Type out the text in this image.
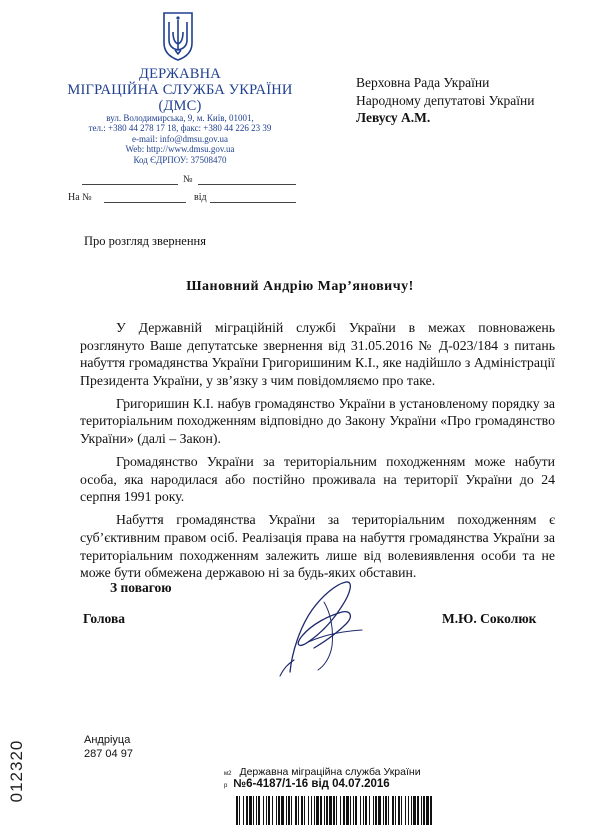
ДЕРЖАВНА
МІГРАЦІЙНА СЛУЖБА УКРАЇНИ
(ДМС)
вул. Володимирська, 9, м. Київ, 01001,
тел.: +380 44 278 17 18, факс: +380 44 226 23 39
e-mail: info@dmsu.gov.ua
Web: http://www.dmsu.gov.ua
Код ЄДРПОУ: 37508470
№
На №	від
Про розгляд звернення
Верховна Рада України
Народному депутатові України
Левусу А.М.
Шановний Андрію Мар’яновичу!

У Державній міграційній службі України в межах повноважень розглянуто Ваше депутатське звернення від 31.05.2016 № Д-023/184 з питань набуття громадянства України Григоришиним К.І., яке надійшло з Адміністрації Президента України, у зв’язку з чим повідомляємо про таке.

Григоришин К.І. набув громадянство України в установленому порядку за територіальним походженням відповідно до Закону України «Про громадянство України» (далі – Закон).

Громадянство України за територіальним походженням може набути особа, яка народилася або постійно проживала на території України до 24 серпня 1991 року.

Набуття громадянства України за територіальним походженням є суб’єктивним правом осіб. Реалізація права на набуття громадянства України за територіальним походженням залежить лише від волевиявлення особи та не може бути обмежена державою ні за будь-яких обставин.

З повагою
Голова	М.Ю. Соколюк
Андріуца
287 04 97
012320	м2 Державна міграційна служба України
р №6-4187/1-16 від 04.07.2016
